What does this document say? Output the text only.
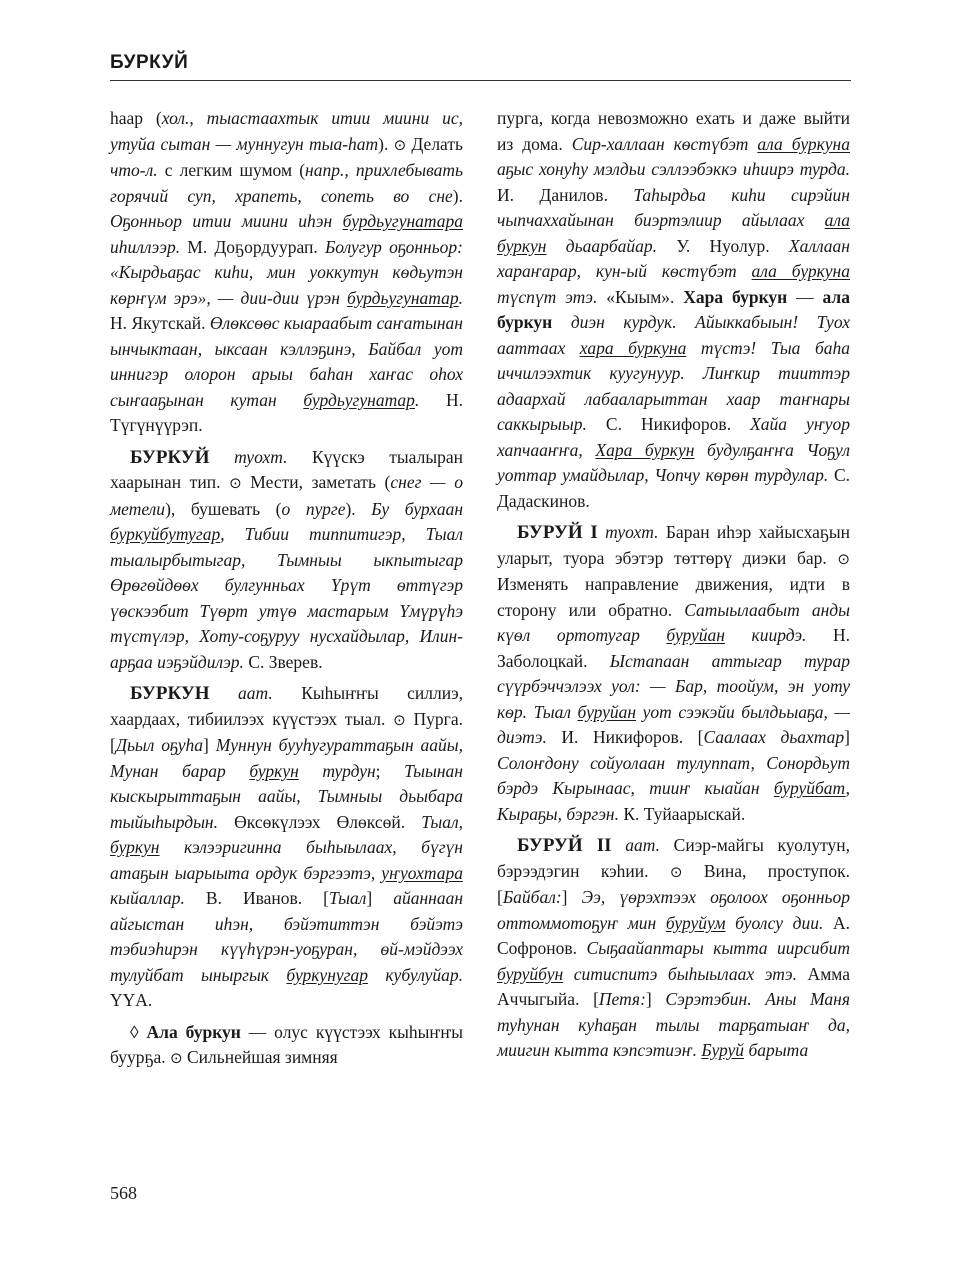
БУРКУЙ

haap (хол., тыастаахтык итии миини ис, утуйа сытан — муннугун тыа-hат). ⊙ Делать что-л. с легким шумом (напр., прихлебывать горячий суп, храпеть, сопеть во сне). Оҕонньор итии миини иhэн бурдьугунатара иhиллээр. М. Доҕордуурап. Болугур оҕонньор: «Кырдьаҕас киhи, мин уоккутун кѳдьутэн кѳрҥүм эрэ», — дии-дии үрэн бурдьугунатар. Н. Якутскай. Өлѳксѳѳс кыараабыт саҥатынан ынчыктаан, ыксаан кэллэҕинэ, Байбал уот иннигэр олорон арыы баhан хаҥас оhох сыҥааҕынан кутан бурдьугунатар. Н. Түгүнүүрэп.

БУРКУЙ туохт. Күүскэ тыалыран хаарынан тип. ⊙ Мести, заметать (снег — о метели), бушевать (о пурге). Бу бурхаан буркуйбутугар, Тибии типпитигэр, Тыал тыалырбытыгар, Тымныы ыкпытыгар Өрѳгѳйдѳѳх булгунньах Үрүт ѳттүгэр үѳскээбит Түѳрт утүѳ мастарым Үмүрүhэ түстүлэр, Хоту-соҕуруу нусхайдылар, Илин-арҕаа иэҕэйдилэр. С. Зверев.

БУРКУН аат. Кыhыҥҥы силлиэ, хаардаах, тибиилээх күүстээх тыал. ⊙ Пурга. [Дьыл оҕуhа] Муннун бууhугураттаҕын аайы, Мунан барар буркун турдун; Тыынан кыскырыттаҕын аайы, Тымныы дьыбара тыйыhырдын. Өксѳкүлээх Өлѳксѳй. Тыал, буркун кэлээригинна быhыылаах, бүгүн атаҕын ыарыыта ордук бэргээтэ, уҥуохтара кыйаллар. В. Иванов. [Тыал] айаннаан айгыстан иhэн, бэйэтиттэн бэйэтэ тэбиэhирэн күүhүрэн-уоҕуран, ѳй-мэйдээх тулуйбат ыныргык буркунугар кубулуйар. ҮҮА.

◊ Ала буркун — олус күүстээх кыhыҥҥы буурҕа. ⊙ Сильнейшая зимняя

пурга, когда невозможно ехать и даже выйти из дома. Сир-халлаан кѳстүбэт ала буркуна аҕыс хонуһу мэлдьи сэллээбэккэ иhиирэ турда. И. Данилов. Таhырдьа киhи сирэйин чыпчаххайынан биэртэлиир айылаах ала буркун дьаарбайар. У. Нуолур. Халлаан хараҥарар, кун-ый кѳстүбэт ала буркуна түспүт этэ. «Кыым». Хара буркун — ала буркун диэн курдук. Айыккабыын! Туох ааттаах хара буркуна түстэ! Тыа баhа иччилээхтик куугунуур. Лиҥкир тииттэр адаархай лабааларыттан хаар таҥнары саккырыыр. С. Никифоров. Хайа уҥуор хапчааҥҥа, Хара буркун будулҕаҥҥа Чоҕул уоттар умайдылар, Чопчу кѳрѳн турдулар. С. Дадаскинов.

БУРУЙ I туохт. Баран иhэр хайысхаҕын уларыт, туора эбэтэр тѳттѳрү диэки бар. ⊙ Изменять направление движения, идти в сторону или обратно. Сатыылаабыт анды күѳл ортотугар буруйан киирдэ. Н. Заболоцкай. Ыстапаан аттыгар турар сүүрбэччэлээх уол: — Бар, тоойум, эн уоту кѳр. Тыал буруйан уот сээкэйи былдьыаҕа, — диэтэ. И. Никифоров. [Саалаах дьахтар] Солоҥдону сойуолаан тулуппат, Сонордьут бэрдэ Кырынаас, тииҥ кыайан буруйбат, Кыраҕы, бэргэн. К. Туйаарыскай.

БУРУЙ II аат. Сиэр-майгы куолутун, бэрээдэгин кэhии. ⊙ Вина, проступок. [Байбал:] Ээ, үѳрэхтээх оҕолоох оҕонньор оттоммотоҕуҥ мин буруйум буолсу дии. А. Софронов. Сыҕаайаптары кытта иирсибит буруйбун ситиспитэ быhыылаах этэ. Амма Аччыгыйа. [Петя:] Сэрэтэбин. Аны Маня туhунан куhаҕан тылы тарҕатыаҥ да, миигин кытта кэпсэтиэҥ. Буруй барыта

568
